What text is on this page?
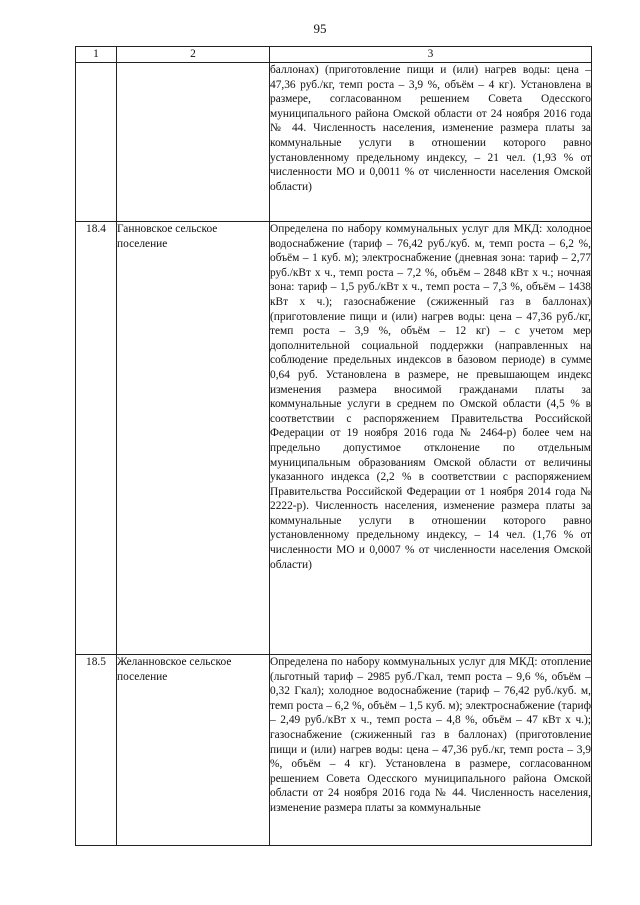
95
1	2	3
		баллонах) (приготовление пищи и (или) нагрев воды: цена – 47,36 руб./кг, темп роста – 3,9 %, объём – 4 кг). Установлена в размере, согласованном решением Совета Одесского муниципального района Омской области от 24 ноября 2016 года № 44. Численность населения, изменение размера платы за коммунальные услуги в отношении которого равно установленному предельному индексу, – 21 чел. (1,93 % от численности МО и 0,0011 % от численности населения Омской области)
18.4	Ганновское сельское поселение	Определена по набору коммунальных услуг для МКД: холодное водоснабжение (тариф – 76,42 руб./куб. м, темп роста – 6,2 %, объём – 1 куб. м); электроснабжение (дневная зона: тариф – 2,77 руб./кВт х ч., темп роста – 7,2 %, объём – 2848 кВт х ч.; ночная зона: тариф – 1,5 руб./кВт х ч., темп роста – 7,3 %, объём – 1438 кВт х ч.); газоснабжение (сжиженный газ в баллонах) (приготовление пищи и (или) нагрев воды: цена – 47,36 руб./кг, темп роста – 3,9 %, объём – 12 кг) – с учетом мер дополнительной социальной поддержки (направленных на соблюдение предельных индексов в базовом периоде) в сумме 0,64 руб. Установлена в размере, не превышающем индекс изменения размера вносимой гражданами платы за коммунальные услуги в среднем по Омской области (4,5 % в соответствии с распоряжением Правительства Российской Федерации от 19 ноября 2016 года № 2464-р) более чем на предельно допустимое отклонение по отдельным муниципальным образованиям Омской области от величины указанного индекса (2,2 % в соответствии с распоряжением Правительства Российской Федерации от 1 ноября 2014 года № 2222-р). Численность населения, изменение размера платы за коммунальные услуги в отношении которого равно установленному предельному индексу, – 14 чел. (1,76 % от численности МО и 0,0007 % от численности населения Омской области)
18.5	Желанновское сельское поселение	Определена по набору коммунальных услуг для МКД: отопление (льготный тариф – 2985 руб./Гкал, темп роста – 9,6 %, объём – 0,32 Гкал); холодное водоснабжение (тариф – 76,42 руб./куб. м, темп роста – 6,2 %, объём – 1,5 куб. м); электроснабжение (тариф – 2,49 руб./кВт х ч., темп роста – 4,8 %, объём – 47 кВт х ч.); газоснабжение (сжиженный газ в баллонах) (приготовление пищи и (или) нагрев воды: цена – 47,36 руб./кг, темп роста – 3,9 %, объём – 4 кг). Установлена в размере, согласованном решением Совета Одесского муниципального района Омской области от 24 ноября 2016 года № 44. Численность населения, изменение размера платы за коммунальные
